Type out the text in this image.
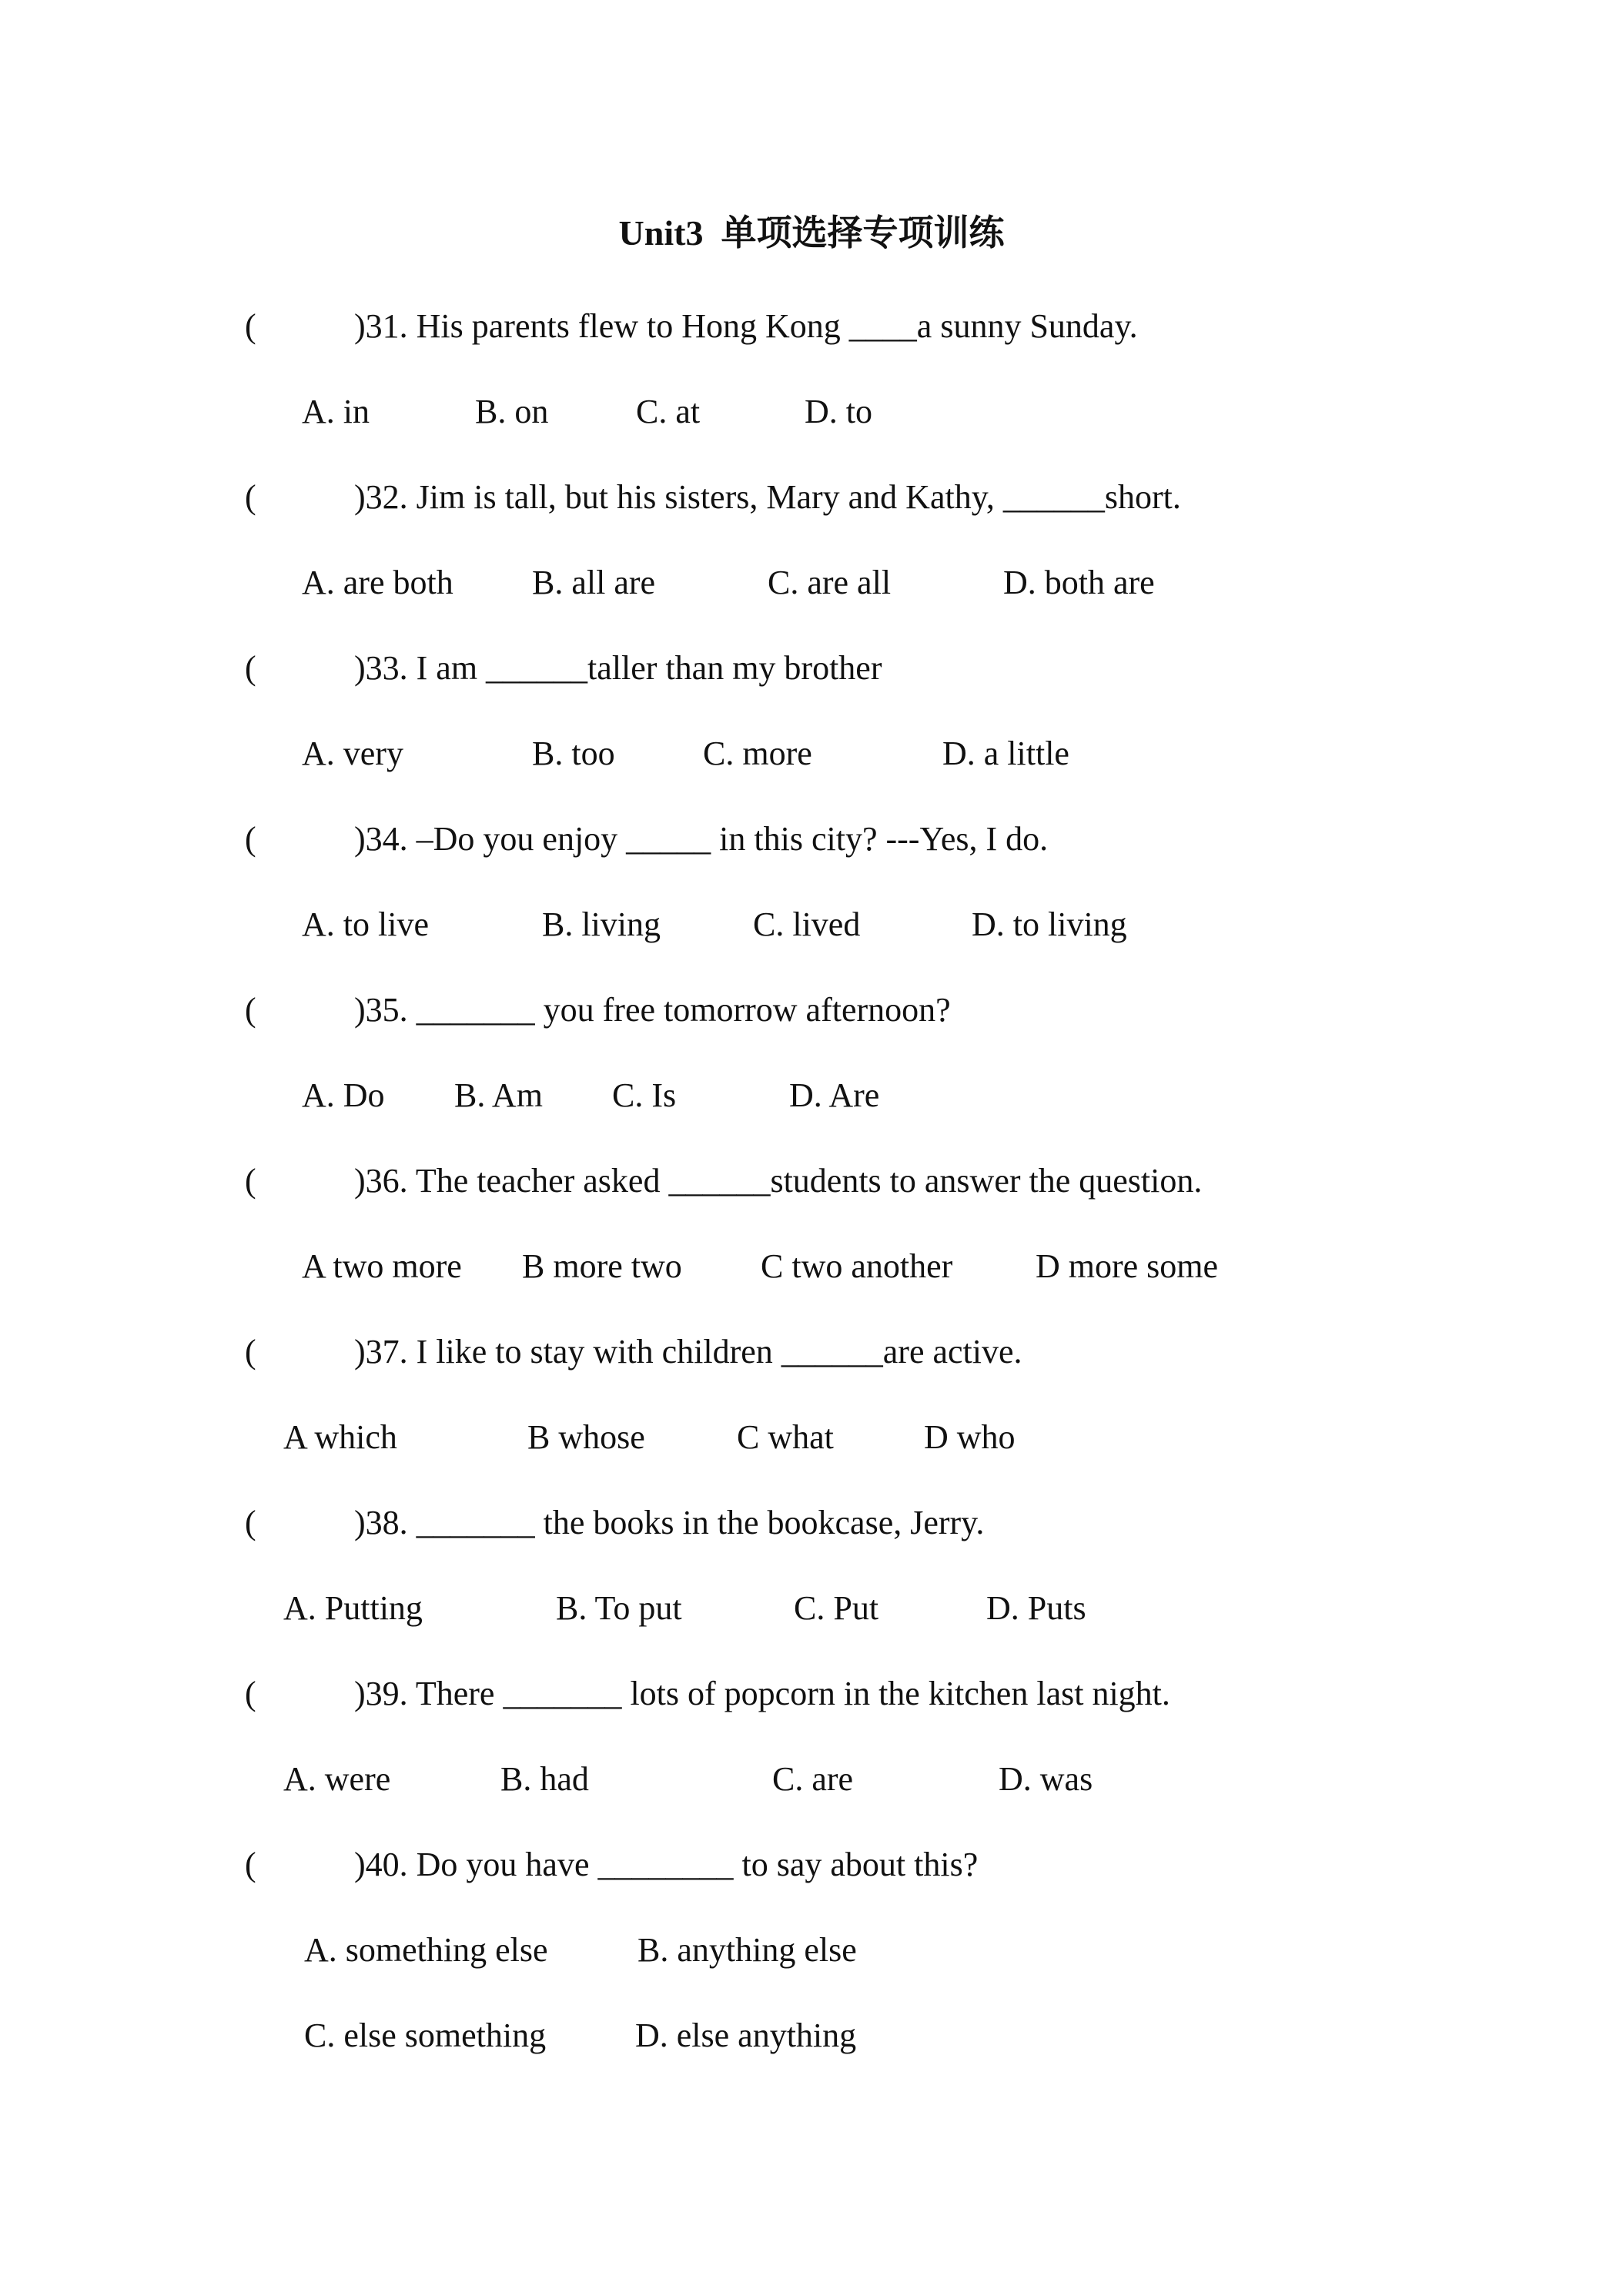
Unit3  单项选择专项训练
(	)31. His parents flew to Hong Kong ____a sunny Sunday.
A. in	B. on	C. at	D. to
(	)32. Jim is tall, but his sisters, Mary and Kathy, ______short.
A. are both B. all are	C. are all	D. both are
(	)33. I am ______taller than my brother
A. very	B. too	C. more	D. a little
(	)34. –Do you enjoy _____ in this city? ---Yes, I do.
A. to live	B. living	C. lived	D. to living
(	)35. _______ you free tomorrow afternoon?
A. Do B. Am C. Is	D. Are
(	)36. The teacher asked ______students to answer the question.
A two more B more two C two another D more some
(	)37. I like to stay with children ______are active.
A which	B whose	C what	D who
(	)38. _______ the books in the bookcase, Jerry.
A. Putting	B. To put	C. Put	D. Puts
(	)39. There _______ lots of popcorn in the kitchen last night.
A. were	B. had	C. are	D. was
(	)40. Do you have ________ to say about this?
A. something else	B. anything else
C. else something	D. else anything
